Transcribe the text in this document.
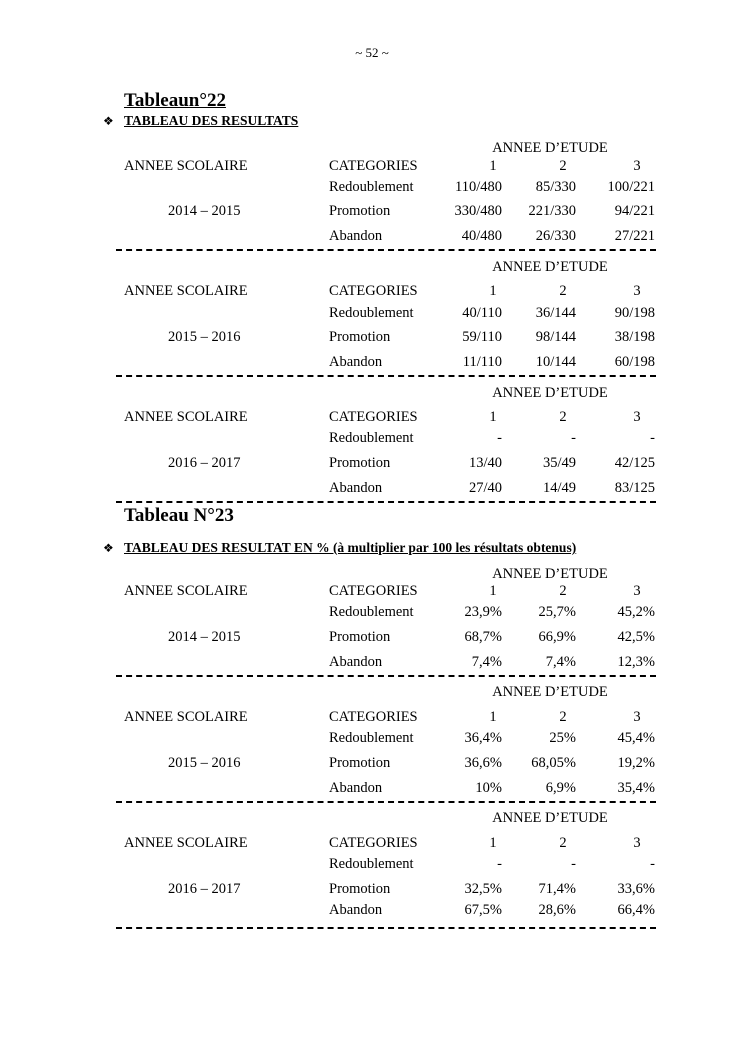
~ 52 ~
Tableaun°22
❖ TABLEAU DES RESULTATS
ANNEE D’ETUDE
ANNEE SCOLAIRE	CATEGORIES	1	2	3
Redoublement	110/480	85/330	100/221
2014 – 2015	Promotion	330/480	221/330	94/221
Abandon	40/480	26/330	27/221
ANNEE D’ETUDE
ANNEE SCOLAIRE	CATEGORIES	1	2	3
Redoublement	40/110	36/144	90/198
2015 – 2016	Promotion	59/110	98/144	38/198
Abandon	11/110	10/144	60/198
ANNEE D’ETUDE
ANNEE SCOLAIRE	CATEGORIES	1	2	3
Redoublement	-	-	-
2016 – 2017	Promotion	13/40	35/49	42/125
Abandon	27/40	14/49	83/125
Tableau N°23
❖ TABLEAU DES RESULTAT EN % (à multiplier par 100 les résultats obtenus)
ANNEE D’ETUDE
ANNEE SCOLAIRE	CATEGORIES	1	2	3
Redoublement	23,9%	25,7%	45,2%
2014 – 2015	Promotion	68,7%	66,9%	42,5%
Abandon	7,4%	7,4%	12,3%
ANNEE D’ETUDE
ANNEE SCOLAIRE	CATEGORIES	1	2	3
Redoublement	36,4%	25%	45,4%
2015 – 2016	Promotion	36,6%	68,05%	19,2%
Abandon	10%	6,9%	35,4%
ANNEE D’ETUDE
ANNEE SCOLAIRE	CATEGORIES	1	2	3
Redoublement	-	-	-
2016 – 2017	Promotion	32,5%	71,4%	33,6%
Abandon	67,5%	28,6%	66,4%
